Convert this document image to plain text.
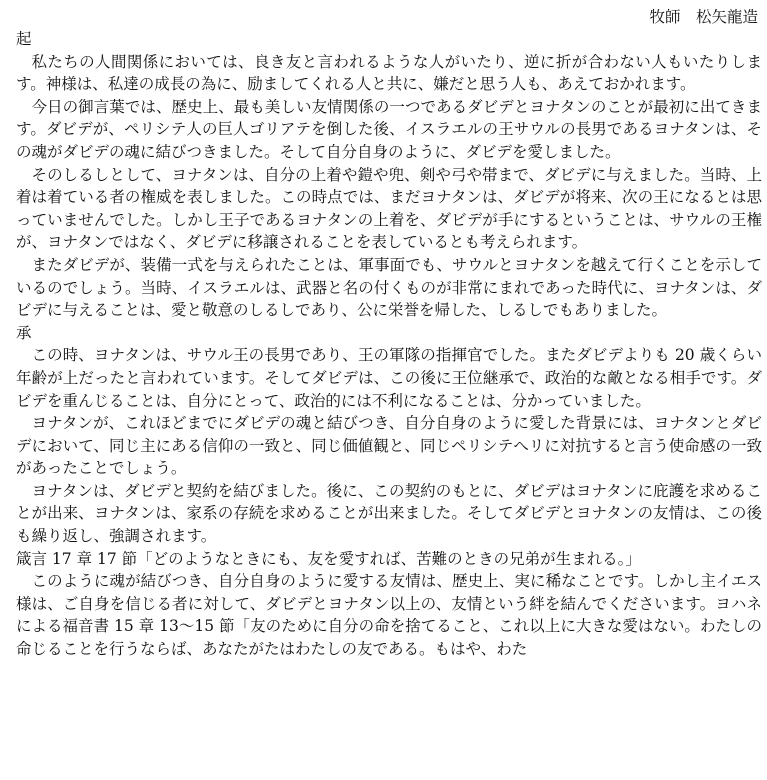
牧師　松矢龍造
起

私たちの人間関係においては、良き友と言われるような人がいたり、逆に折が合わない人もいたりします。神様は、私達の成長の為に、励ましてくれる人と共に、嫌だと思う人も、あえておかれます。

今日の御言葉では、歴史上、最も美しい友情関係の一つであるダビデとヨナタンのことが最初に出てきます。ダビデが、ペリシテ人の巨人ゴリアテを倒した後、イスラエルの王サウルの長男であるヨナタンは、その魂がダビデの魂に結びつきました。そして自分自身のように、ダビデを愛しました。

そのしるしとして、ヨナタンは、自分の上着や鎧や兜、剣や弓や帯まで、ダビデに与えました。当時、上着は着ている者の権威を表しました。この時点では、まだヨナタンは、ダビデが将来、次の王になるとは思っていませんでした。しかし王子であるヨナタンの上着を、ダビデが手にするということは、サウルの王権が、ヨナタンではなく、ダビデに移譲されることを表しているとも考えられます。

またダビデが、装備一式を与えられたことは、軍事面でも、サウルとヨナタンを越えて行くことを示しているのでしょう。当時、イスラエルは、武器と名の付くものが非常にまれであった時代に、ヨナタンは、ダビデに与えることは、愛と敬意のしるしであり、公に栄誉を帰した、しるしでもありました。

承

この時、ヨナタンは、サウル王の長男であり、王の軍隊の指揮官でした。またダビデよりも 20 歳くらい年齢が上だったと言われています。そしてダビデは、この後に王位継承で、政治的な敵となる相手です。ダビデを重んじることは、自分にとって、政治的には不利になることは、分かっていました。

ヨナタンが、これほどまでにダビデの魂と結びつき、自分自身のように愛した背景には、ヨナタンとダビデにおいて、同じ主にある信仰の一致と、同じ価値観と、同じペリシテへリに対抗すると言う使命感の一致があったことでしょう。

ヨナタンは、ダビデと契約を結びました。後に、この契約のもとに、ダビデはヨナタンに庇護を求めることが出来、ヨナタンは、家系の存続を求めることが出来ました。そしてダビデとヨナタンの友情は、この後も繰り返し、強調されます。

箴言 17 章 17 節「どのようなときにも、友を愛すれば、苦難のときの兄弟が生まれる。」

このように魂が結びつき、自分自身のように愛する友情は、歴史上、実に稀なことです。しかし主イエス様は、ご自身を信じる者に対して、ダビデとヨナタン以上の、友情という絆を結んでくださいます。ヨハネによる福音書 15 章 13～15 節「友のために自分の命を捨てること、これ以上に大きな愛はない。わたしの命じることを行うならば、あなたがたはわたしの友である。もはや、わた
